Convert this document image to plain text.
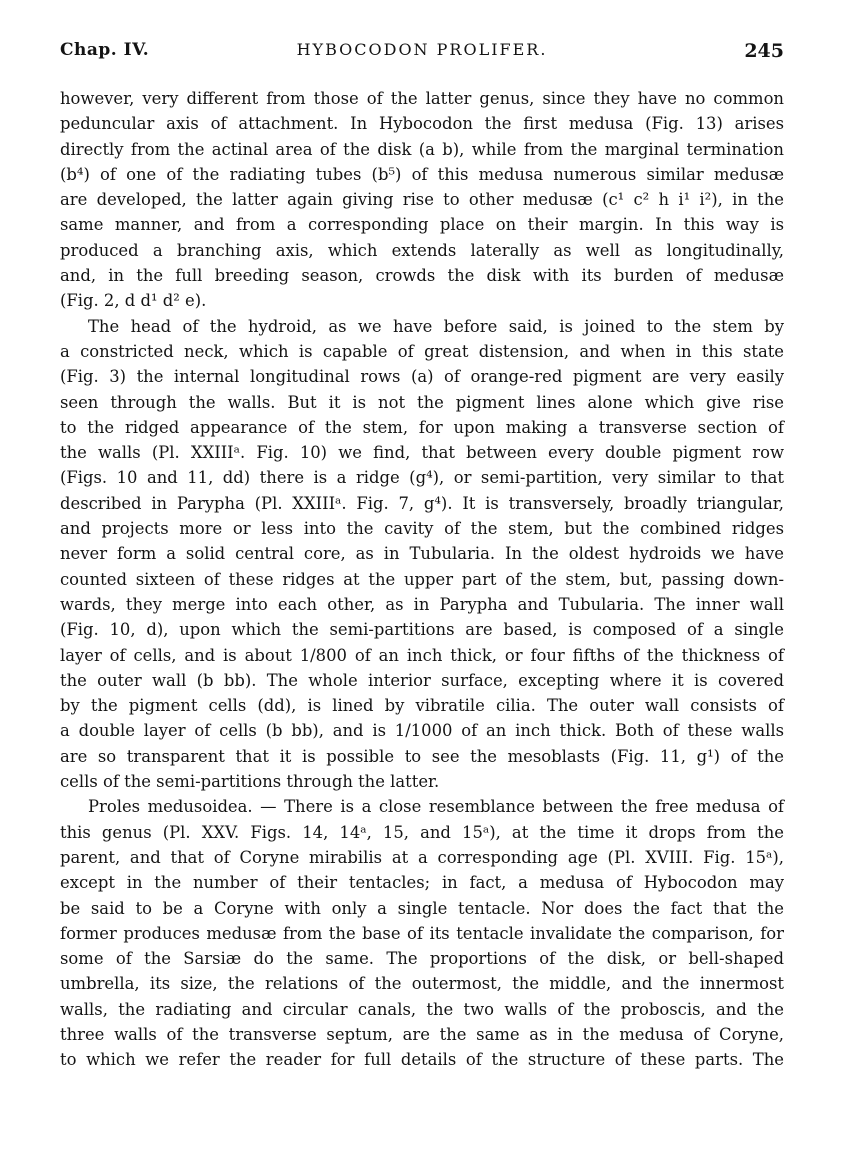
Chap. IV.	HYBOCODON PROLIFER.	245
however, very different from those of the latter genus, since they have no common
peduncular axis of attachment. In Hybocodon the first medusa (Fig. 13) arises
directly from the actinal area of the disk (a b), while from the marginal termination
(b⁴) of one of the radiating tubes (b⁵) of this medusa numerous similar medusæ
are developed, the latter again giving rise to other medusæ (c¹ c² h i¹ i²), in the
same manner, and from a corresponding place on their margin. In this way is
produced a branching axis, which extends laterally as well as longitudinally,
and, in the full breeding season, crowds the disk with its burden of medusæ
(Fig. 2, d d¹ d² e).
The head of the hydroid, as we have before said, is joined to the stem by
a constricted neck, which is capable of great distension, and when in this state
(Fig. 3) the internal longitudinal rows (a) of orange-red pigment are very easily
seen through the walls. But it is not the pigment lines alone which give rise
to the ridged appearance of the stem, for upon making a transverse section of
the walls (Pl. XXIIIᵃ. Fig. 10) we find, that between every double pigment row
(Figs. 10 and 11, dd) there is a ridge (g⁴), or semi-partition, very similar to that
described in Parypha (Pl. XXIIIᵃ. Fig. 7, g⁴). It is transversely, broadly triangular,
and projects more or less into the cavity of the stem, but the combined ridges
never form a solid central core, as in Tubularia. In the oldest hydroids we have
counted sixteen of these ridges at the upper part of the stem, but, passing down-
wards, they merge into each other, as in Parypha and Tubularia. The inner wall
(Fig. 10, d), upon which the semi-partitions are based, is composed of a single
layer of cells, and is about 1/800 of an inch thick, or four fifths of the thickness of
the outer wall (b bb). The whole interior surface, excepting where it is covered
by the pigment cells (dd), is lined by vibratile cilia. The outer wall consists of
a double layer of cells (b bb), and is 1/1000 of an inch thick. Both of these walls
are so transparent that it is possible to see the mesoblasts (Fig. 11, g¹) of the
cells of the semi-partitions through the latter.
Proles medusoidea. — There is a close resemblance between the free medusa of
this genus (Pl. XXV. Figs. 14, 14ᵃ, 15, and 15ᵃ), at the time it drops from the
parent, and that of Coryne mirabilis at a corresponding age (Pl. XVIII. Fig. 15ᵃ),
except in the number of their tentacles; in fact, a medusa of Hybocodon may
be said to be a Coryne with only a single tentacle. Nor does the fact that the
former produces medusæ from the base of its tentacle invalidate the comparison, for
some of the Sarsiæ do the same. The proportions of the disk, or bell-shaped
umbrella, its size, the relations of the outermost, the middle, and the innermost
walls, the radiating and circular canals, the two walls of the proboscis, and the
three walls of the transverse septum, are the same as in the medusa of Coryne,
to which we refer the reader for full details of the structure of these parts. The
